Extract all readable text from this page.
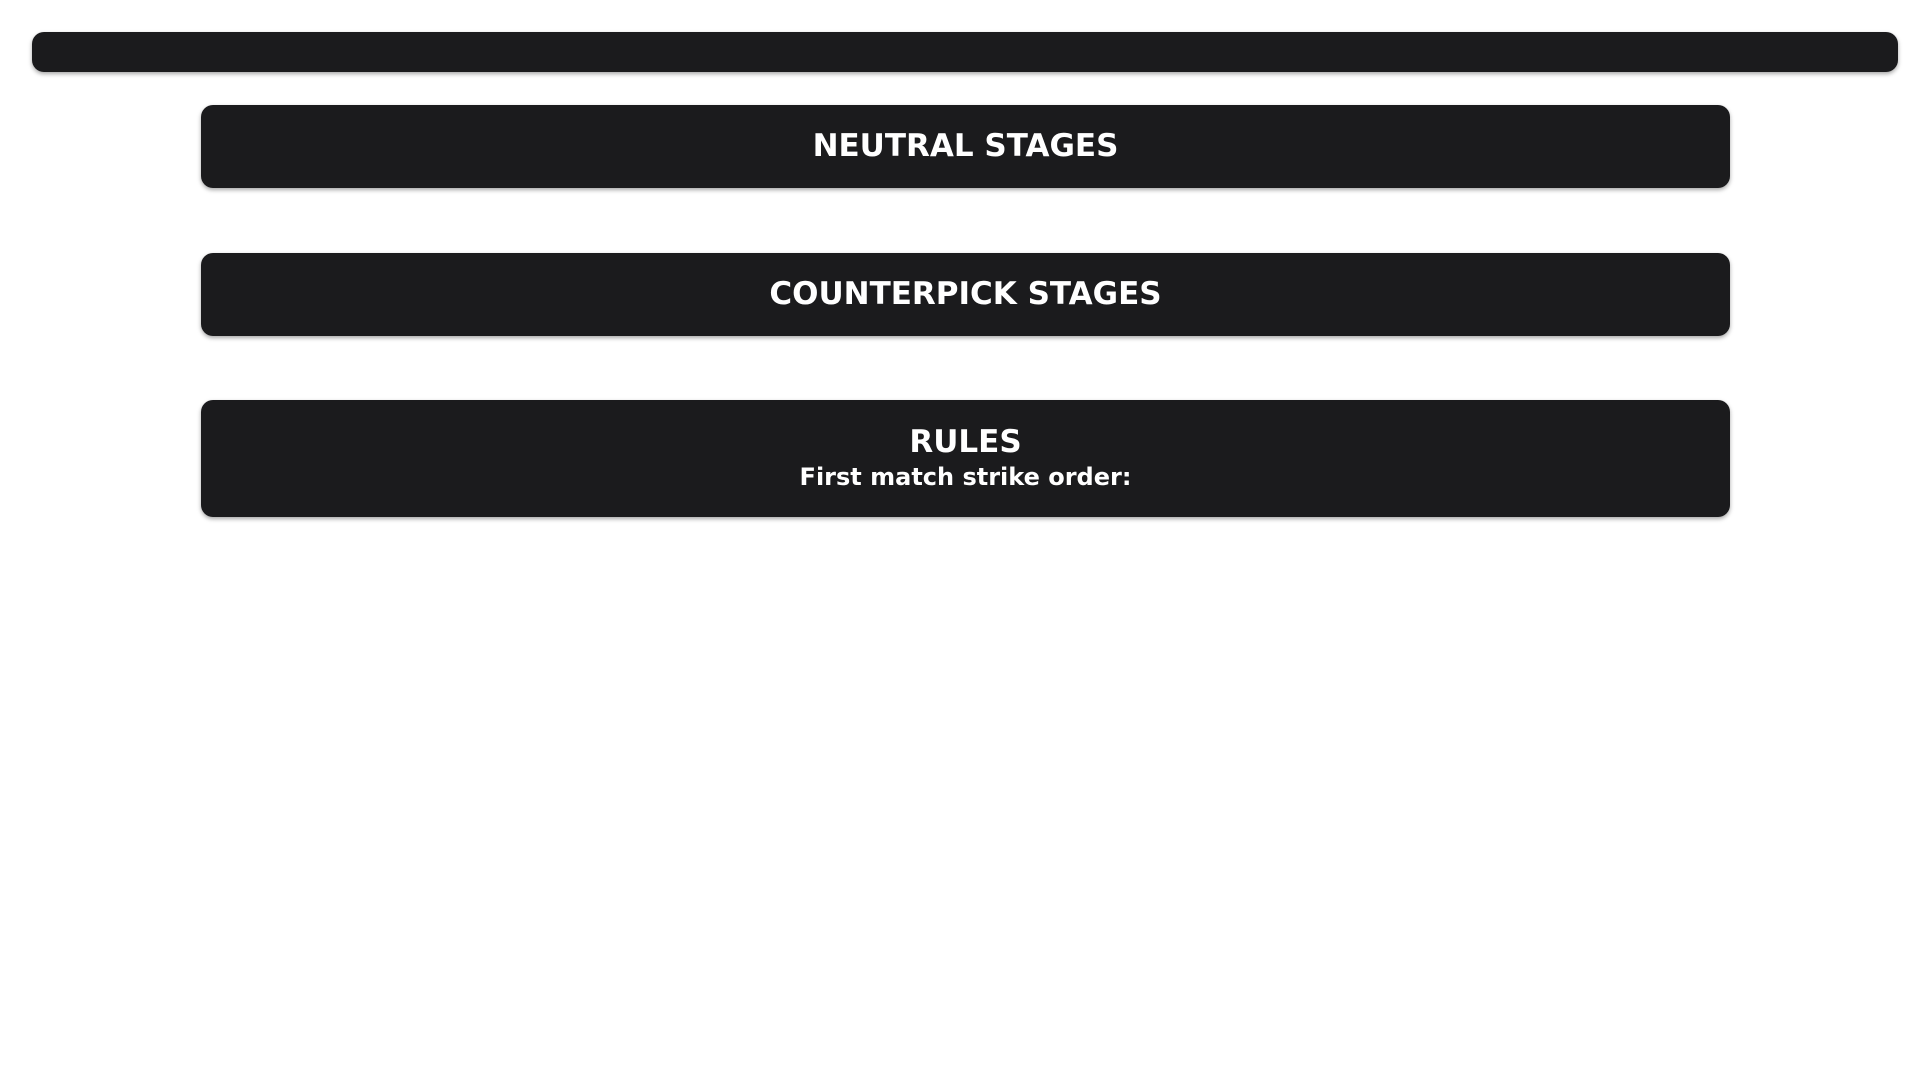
NEUTRAL STAGES
COUNTERPICK STAGES
RULES
First match strike order:
